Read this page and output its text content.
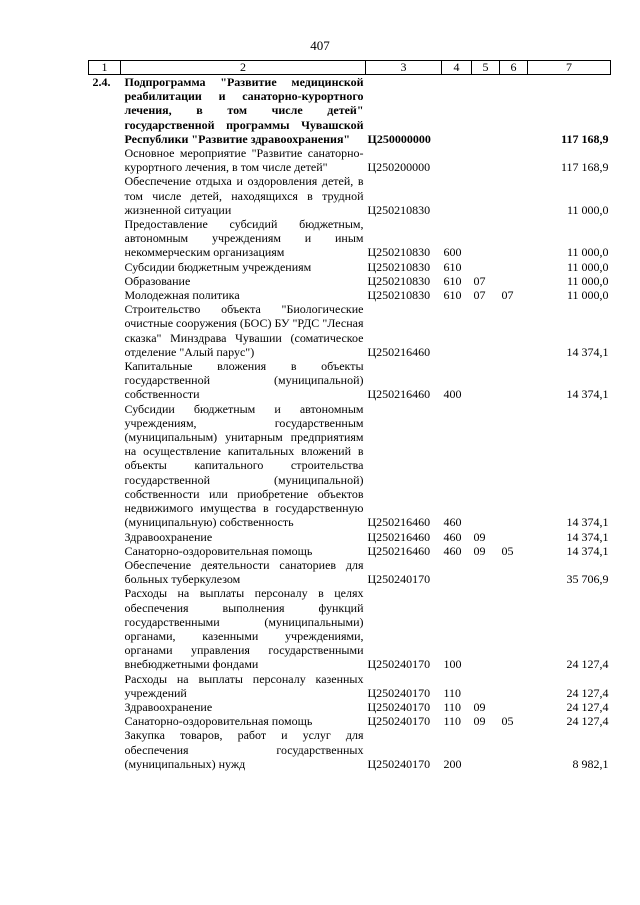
407
1	2	3	4	5	6	7
2.4.	Подпрограмма "Развитие медицинской реабилитации и санаторно-курортного лечения, в том числе детей" государственной программы Чувашской Республики "Развитие здравоохранения"	Ц250000000				117 168,9
	Основное мероприятие "Развитие санаторно-курортного лечения, в том числе детей"	Ц250200000				117 168,9
	Обеспечение отдыха и оздоровления детей, в том числе детей, находящихся в трудной жизненной ситуации	Ц250210830				11 000,0
	Предоставление субсидий бюджетным, автономным учреждениям и иным некоммерческим организациям	Ц250210830	600			11 000,0
	Субсидии бюджетным учреждениям	Ц250210830	610			11 000,0
	Образование	Ц250210830	610	07		11 000,0
	Молодежная политика	Ц250210830	610	07	07	11 000,0
	Строительство объекта "Биологические очистные сооружения (БОС) БУ "РДС "Лесная сказка" Минздрава Чувашии (соматическое отделение "Алый парус")	Ц250216460				14 374,1
	Капитальные вложения в объекты государственной (муниципальной) собственности	Ц250216460	400			14 374,1
	Субсидии бюджетным и автономным учреждениям, государственным (муниципальным) унитарным предприятиям на осуществление капитальных вложений в объекты капитального строительства государственной (муниципальной) собственности или приобретение объектов недвижимого имущества в государственную (муниципальную) собственность	Ц250216460	460			14 374,1
	Здравоохранение	Ц250216460	460	09		14 374,1
	Санаторно-оздоровительная помощь	Ц250216460	460	09	05	14 374,1
	Обеспечение деятельности санаториев для больных туберкулезом	Ц250240170				35 706,9
	Расходы на выплаты персоналу в целях обеспечения выполнения функций государственными (муниципальными) органами, казенными учреждениями, органами управления государственными внебюджетными фондами	Ц250240170	100			24 127,4
	Расходы на выплаты персоналу казенных учреждений	Ц250240170	110			24 127,4
	Здравоохранение	Ц250240170	110	09		24 127,4
	Санаторно-оздоровительная помощь	Ц250240170	110	09	05	24 127,4
	Закупка товаров, работ и услуг для обеспечения государственных (муниципальных) нужд	Ц250240170	200			8 982,1
